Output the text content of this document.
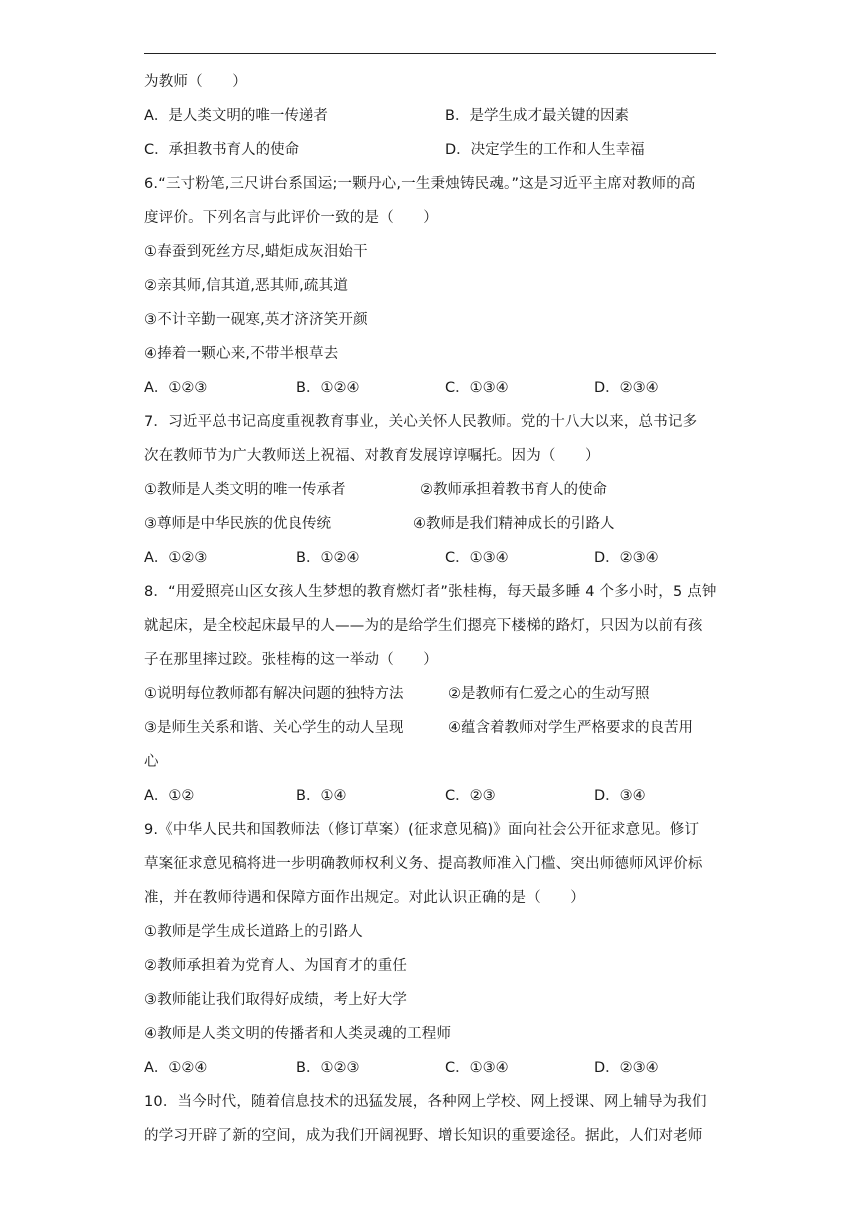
为教师（　　）
A．是人类文明的唯一传递者	B．是学生成才最关键的因素
C．承担教书育人的使命	D．决定学生的工作和人生幸福
6.“三寸粉笔,三尺讲台系国运;一颗丹心,一生秉烛铸民魂。”这是习近平主席对教师的高
度评价。下列名言与此评价一致的是（　　）
①春蚕到死丝方尽,蜡炬成灰泪始干
②亲其师,信其道,恶其师,疏其道
③不计辛勤一砚寒,英才济济笑开颜
④捧着一颗心来,不带半根草去
A．①②③	B．①②④	C．①③④	D．②③④
7．习近平总书记高度重视教育事业，关心关怀人民教师。党的十八大以来，总书记多
次在教师节为广大教师送上祝福、对教育发展谆谆嘱托。因为（　　）
①教师是人类文明的唯一传承者	②教师承担着教书育人的使命
③尊师是中华民族的优良传统	④教师是我们精神成长的引路人
A．①②③	B．①②④	C．①③④	D．②③④
8．“用爱照亮山区女孩人生梦想的教育燃灯者”张桂梅，每天最多睡 4 个多小时，5 点钟
就起床，是全校起床最早的人——为的是给学生们摁亮下楼梯的路灯，只因为以前有孩
子在那里摔过跤。张桂梅的这一举动（　　）
①说明每位教师都有解决问题的独特方法	②是教师有仁爱之心的生动写照
③是师生关系和谐、关心学生的动人呈现	④蕴含着教师对学生严格要求的良苦用
心
A．①②	B．①④	C．②③	D．③④
9.《中华人民共和国教师法（修订草案）(征求意见稿)》面向社会公开征求意见。修订
草案征求意见稿将进一步明确教师权利义务、提高教师准入门槛、突出师德师风评价标
准，并在教师待遇和保障方面作出规定。对此认识正确的是（　　）
①教师是学生成长道路上的引路人
②教师承担着为党育人、为国育才的重任
③教师能让我们取得好成绩，考上好大学
④教师是人类文明的传播者和人类灵魂的工程师
A．①②④	B．①②③	C．①③④	D．②③④
10．当今时代，随着信息技术的迅猛发展，各种网上学校、网上授课、网上辅导为我们
的学习开辟了新的空间，成为我们开阔视野、增长知识的重要途径。据此，人们对老师
